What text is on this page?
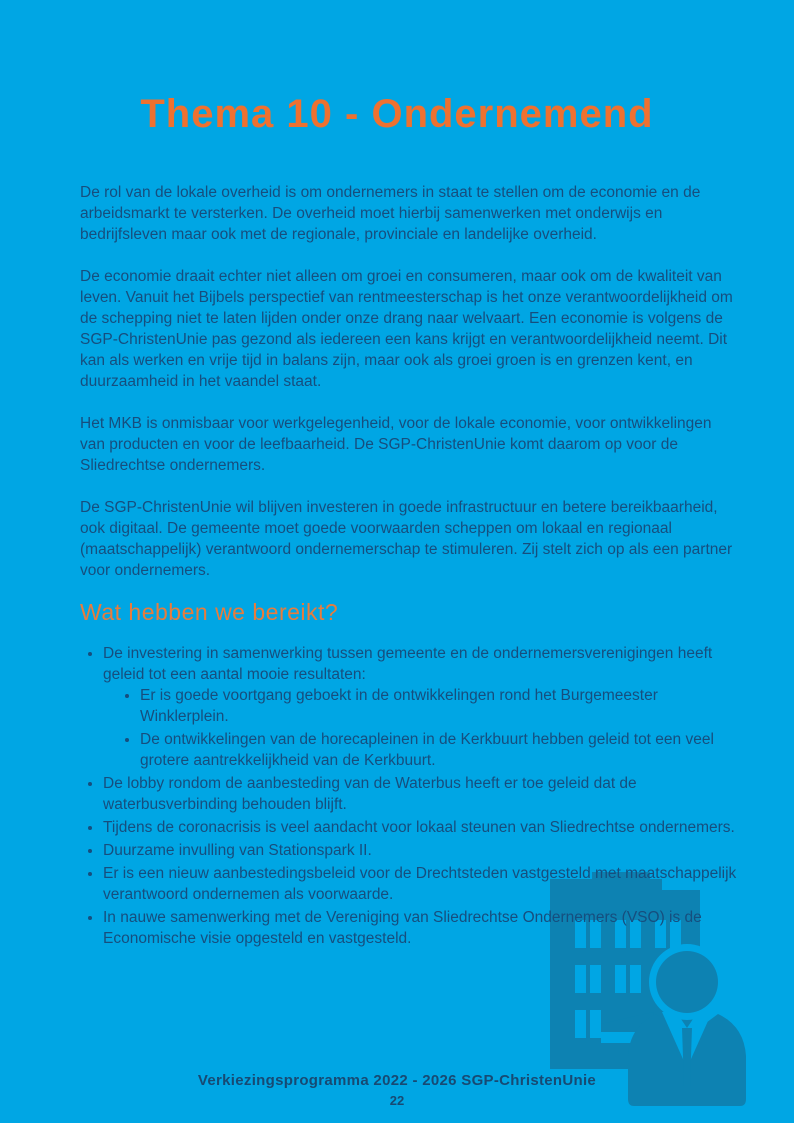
Thema 10 - Ondernemend

De rol van de lokale overheid is om ondernemers in staat te stellen om de economie en de arbeidsmarkt te versterken. De overheid moet hierbij samenwerken met onderwijs en bedrijfsleven maar ook met de regionale, provinciale en landelijke overheid.

De economie draait echter niet alleen om groei en consumeren, maar ook om de kwaliteit van leven. Vanuit het Bijbels perspectief van rentmeesterschap is het onze verantwoordelijkheid om de schepping niet te laten lijden onder onze drang naar welvaart. Een economie is volgens de SGP-ChristenUnie pas gezond als iedereen een kans krijgt en verantwoordelijkheid neemt. Dit kan als werken en vrije tijd in balans zijn, maar ook als groei groen is en grenzen kent, en duurzaamheid in het vaandel staat.

Het MKB is onmisbaar voor werkgelegenheid, voor de lokale economie, voor ontwikkelingen van producten en voor de leefbaarheid. De SGP-ChristenUnie komt daarom op voor de Sliedrechtse ondernemers.

De SGP-ChristenUnie wil blijven investeren in goede infrastructuur en betere bereikbaarheid, ook digitaal. De gemeente moet goede voorwaarden scheppen om lokaal en regionaal (maatschappelijk) verantwoord ondernemerschap te stimuleren. Zij stelt zich op als een partner voor ondernemers.

Wat hebben we bereikt?
• De investering in samenwerking tussen gemeente en de ondernemersverenigingen heeft geleid tot een aantal mooie resultaten:
• Er is goede voortgang geboekt in de ontwikkelingen rond het Burgemeester Winklerplein.
• De ontwikkelingen van de horecapleinen in de Kerkbuurt hebben geleid tot een veel grotere aantrekkelijkheid van de Kerkbuurt.
• De lobby rondom de aanbesteding van de Waterbus heeft er toe geleid dat de waterbusverbinding behouden blijft.
• Tijdens de coronacrisis is veel aandacht voor lokaal steunen van Sliedrechtse ondernemers.
• Duurzame invulling van Stationspark II.
• Er is een nieuw aanbestedingsbeleid voor de Drechtsteden vastgesteld met maatschappelijk verantwoord ondernemen als voorwaarde.
• In nauwe samenwerking met de Vereniging van Sliedrechtse Ondernemers (VSO) is de Economische visie opgesteld en vastgesteld.
Verkiezingsprogramma 2022 - 2026 SGP-ChristenUnie
22
